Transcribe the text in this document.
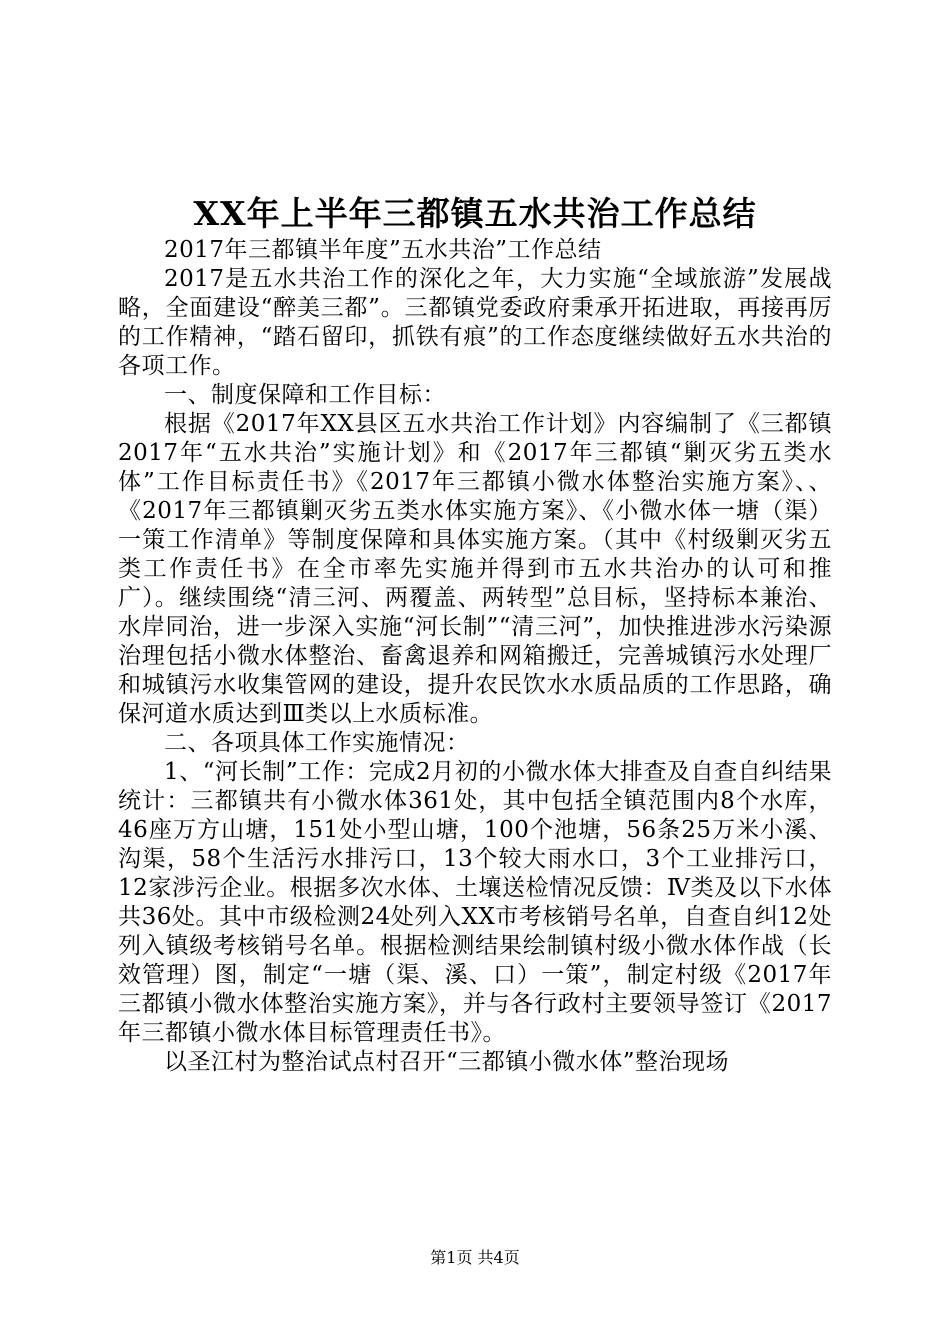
XX年上半年三都镇五水共治工作总结

2017年三都镇半年度”五水共治”工作总结

2017是五水共治工作的深化之年，大力实施“全域旅游”发展战略，全面建设“醉美三都”。三都镇党委政府秉承开拓进取，再接再厉的工作精神，“踏石留印，抓铁有痕”的工作态度继续做好五水共治的各项工作。

一、制度保障和工作目标：

根据《2017年XX县区五水共治工作计划》内容编制了《三都镇2017年“五水共治”实施计划》和《2017年三都镇“剿灭劣五类水体”工作目标责任书》《2017年三都镇小微水体整治实施方案》、、《2017年三都镇剿灭劣五类水体实施方案》、《小微水体一塘（渠）一策工作清单》等制度保障和具体实施方案。（其中《村级剿灭劣五类工作责任书》在全市率先实施并得到市五水共治办的认可和推广）。继续围绕“清三河、两覆盖、两转型”总目标，坚持标本兼治、水岸同治，进一步深入实施“河长制”“清三河”，加快推进涉水污染源治理包括小微水体整治、畜禽退养和网箱搬迁，完善城镇污水处理厂和城镇污水收集管网的建设，提升农民饮水水质品质的工作思路，确保河道水质达到Ⅲ类以上水质标准。

二、各项具体工作实施情况：

1、“河长制”工作：完成2月初的小微水体大排查及自查自纠结果统计：三都镇共有小微水体361处，其中包括全镇范围内8个水库，46座万方山塘，151处小型山塘，100个池塘，56条25万米小溪、沟渠，58个生活污水排污口，13个较大雨水口，3个工业排污口，12家涉污企业。根据多次水体、土壤送检情况反馈：Ⅳ类及以下水体共36处。其中市级检测24处列入XX市考核销号名单，自查自纠12处列入镇级考核销号名单。根据检测结果绘制镇村级小微水体作战（长效管理）图，制定“一塘（渠、溪、口）一策”，制定村级《2017年三都镇小微水体整治实施方案》，并与各行政村主要领导签订《2017年三都镇小微水体目标管理责任书》。

以圣江村为整治试点村召开“三都镇小微水体”整治现场

第1页 共4页
